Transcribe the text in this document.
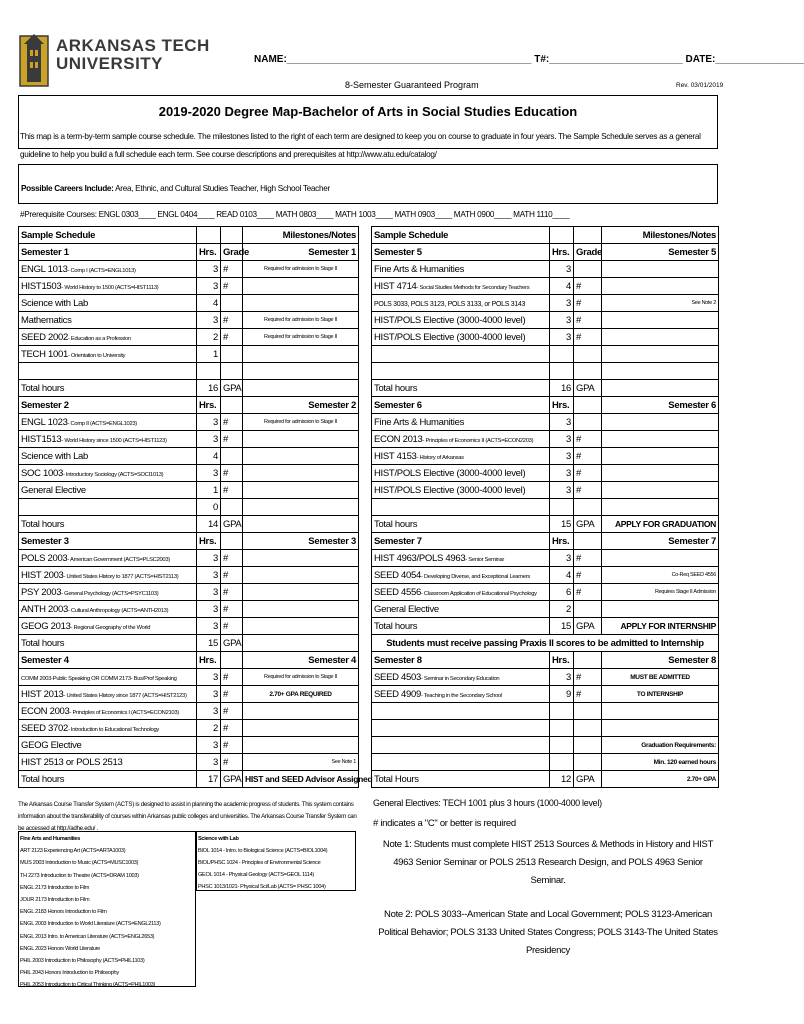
ARKANSAS TECH
UNIVERSITY	NAME:____________________________________________ T#:________________________ DATE:________________
8-Semester Guaranteed Program	Rev. 03/01/2019
2019-2020 Degree Map-Bachelor of Arts in Social Studies Education
This map is a term-by-term sample course schedule. The milestones listed to the right of each term are designed to keep you on course to graduate in four years. The Sample Schedule serves as a general guideline to help you build a full schedule each term. See course descriptions and prerequisites at http://www.atu.edu/catalog/
Possible Careers Include: Area, Ethnic, and Cultural Studies Teacher, High School Teacher
#Prerequisite Courses: ENGL 0303____ ENGL 0404____ READ 0103____ MATH 0803____ MATH 1003____ MATH 0903____ MATH 0900____ MATH 1110____
Sample Schedule			Milestones/Notes
Semester 1	Hrs.	Grade	Semester 1
ENGL 1013- Comp I (ACTS=ENGL1013)	3	#	Required for admission to Stage II
HIST1503- World History to 1500 (ACTS=HIST1113)	3	#	
Science with Lab	4		
Mathematics	3	#	Required for admission to Stage II
SEED 2002- Education as a Profession	2	#	Required for admission to Stage II
TECH 1001- Orientation to University	1		

Total hours	16	GPA	
Semester 2	Hrs.		Semester 2
ENGL 1023- Comp II (ACTS=ENGL1023)	3	#	Required for admission to Stage II
HIST1513- World History since 1500 (ACTS=HIST1123)	3	#	
Science with Lab	4		
SOC 1003- Introductory Sociology (ACTS=SOCI1013)	3	#	
General Elective	1	#	
	0		
Total hours	14	GPA	
Semester 3	Hrs.		Semester 3
POLS 2003- American Government (ACTS=PLSC2003)	3	#	
HIST 2003- United States History to 1877 (ACTS=HIST2113)	3	#	
PSY 2003- General Psychology (ACTS=PSYC1103)	3	#	
ANTH 2003- Cultural Anthropology (ACTS=ANTH2013)	3	#	
GEOG 2013- Regional Geography of the World	3	#	
Total hours	15	GPA	
Semester 4	Hrs.		Semester 4
COMM 2003-Public Speaking OR COMM 2173- Bus/Prof Speaking	3	#	Required for admission to Stage II
HIST 2013- United States History since 1877 (ACTS=HIST2123)	3	#	2.70+ GPA REQUIRED
ECON 2003- Principles of Economics I (ACTS=ECON2103)	3	#	
SEED 3702- Introduction to Educational Technology	2	#	
GEOG Elective	3	#	
HIST 2513 or POLS 2513	3	#	See Note 1
Total hours	17	GPA	HIST and SEED Advisor Assigned
Sample Schedule			Milestones/Notes
Semester 5	Hrs.	Grade	Semester 5
Fine Arts & Humanities	3		
HIST 4714- Social Studies Methods for Secondary Teachers	4	#	
POLS 3033, POLS 3123, POLS 3133, or POLS 3143	3	#	See Note 2
HIST/POLS Elective (3000-4000 level)	3	#	
HIST/POLS Elective (3000-4000 level)	3	#	

Total hours	16	GPA	
Semester 6	Hrs.		Semester 6
Fine Arts & Humanities	3		
ECON 2013- Principles of Economics II (ACTS=ECON2203)	3	#	
HIST 4153- History of Arkansas	3	#	
HIST/POLS Elective (3000-4000 level)	3	#	
HIST/POLS Elective (3000-4000 level)	3	#	

Total hours	15	GPA	APPLY FOR GRADUATION
Semester 7	Hrs.		Semester 7
HIST 4963/POLS 4963- Senior Seminar	3	#	
SEED 4054- Developing Diverse, and Exceptional Learners	4	#	Co-Req SEED 4556
SEED 4556- Classroom Application of Educational Psychology	6	#	Requires Stage II Admission
General Elective	2		
Total hours	15	GPA	APPLY FOR INTERNSHIP
Students must receive passing Praxis II scores to be admitted to Internship			
Semester 8	Hrs.		Semester 8
SEED 4503- Seminar in Secondary Education	3	#	MUST BE ADMITTED
SEED 4909- Teaching in the Secondary School	9	#	TO INTERNSHIP

			Graduation Requirements:
			Min. 120 earned hours
Total Hours	12	GPA	2.70+ GPA
The Arkansas Course Transfer System (ACTS) is designed to assist in planning the academic progress of students. This system contains information about the transferability of courses within Arkansas public colleges and universities. The Arkansas Course Transfer System can be accessed at http://adhe.edu/ .
Fine Arts and Humanities
ART 2123 Experiencing Art (ACTS=ARTA1003)
MUS 2003 Introduction to Music (ACTS=MUSC1003)
TH 2273 Introduction to Theatre (ACTS=DRAM 1003)
ENGL 2173 Introduction to Film
JOUR 2173 Introduction to Film
ENGL 2183 Honors Introduction to Film
ENGL 2003 Introduction to World Literature (ACTS=ENGL2113)
ENGL 2013 Intro. to American Literature (ACTS=ENGL2653)
ENGL 2023 Honors World Literature
PHIL 2003 Introduction to Philosophy (ACTS=PHIL1103)
PHIL 2043 Honors Introduction to Philosophy
PHIL 2053 Introduction to Critical Thinking (ACTS=PHIL1003)
Science with Lab
BIOL 1014 - Intro. to Biological Science (ACTS=BIOL1004)
BIOL/PHSC 1024 - Principles of Environmental Science
GEOL 1014 - Physical Geology (ACTS=GEOL 1114)
PHSC 1013/1021- Physical Sci/Lab (ACTS= PHSC 1004)
General Electives: TECH 1001 plus 3 hours (1000-4000 level)
# indicates a "C" or better is required
Note 1: Students must complete HIST 2513 Sources & Methods in History and HIST 4963 Senior Seminar or POLS 2513 Research Design, and POLS 4963 Senior Seminar.
Note 2: POLS 3033--American State and Local Government; POLS 3123-American Political Behavior; POLS 3133 United States Congress; POLS 3143-The United States Presidency
